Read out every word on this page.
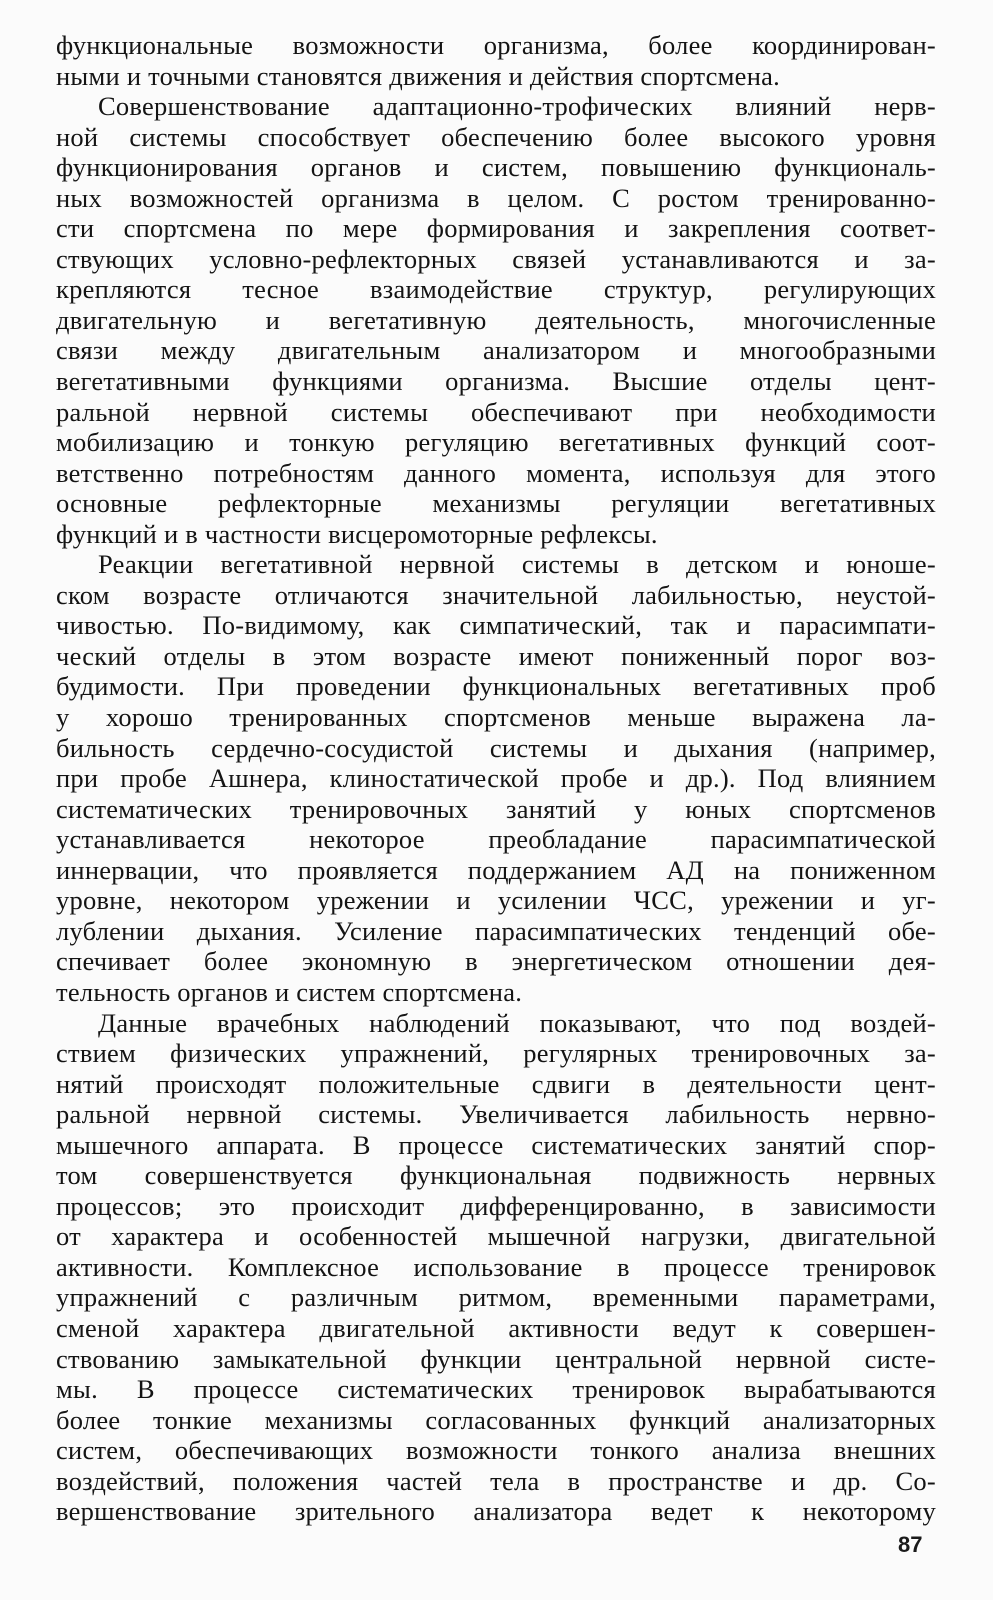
функциональные возможности организма, более координирован-
ными и точными становятся движения и действия спортсмена.
Совершенствование адаптационно-трофических влияний нерв-
ной системы способствует обеспечению более высокого уровня
функционирования органов и систем, повышению функциональ-
ных возможностей организма в целом. С ростом тренированно-
сти спортсмена по мере формирования и закрепления соответ-
ствующих условно-рефлекторных связей устанавливаются и за-
крепляются тесное взаимодействие структур, регулирующих
двигательную и вегетативную деятельность, многочисленные
связи между двигательным анализатором и многообразными
вегетативными функциями организма. Высшие отделы цент-
ральной нервной системы обеспечивают при необходимости
мобилизацию и тонкую регуляцию вегетативных функций соот-
ветственно потребностям данного момента, используя для этого
основные рефлекторные механизмы регуляции вегетативных
функций и в частности висцеромоторные рефлексы.
Реакции вегетативной нервной системы в детском и юноше-
ском возрасте отличаются значительной лабильностью, неустой-
чивостью. По-видимому, как симпатический, так и парасимпати-
ческий отделы в этом возрасте имеют пониженный порог воз-
будимости. При проведении функциональных вегетативных проб
у хорошо тренированных спортсменов меньше выражена ла-
бильность сердечно-сосудистой системы и дыхания (например,
при пробе Ашнера, клиностатической пробе и др.). Под влиянием
систематических тренировочных занятий у юных спортсменов
устанавливается некоторое преобладание парасимпатической
иннервации, что проявляется поддержанием АД на пониженном
уровне, некотором урежении и усилении ЧСС, урежении и уг-
лублении дыхания. Усиление парасимпатических тенденций обе-
спечивает более экономную в энергетическом отношении дея-
тельность органов и систем спортсмена.
Данные врачебных наблюдений показывают, что под воздей-
ствием физических упражнений, регулярных тренировочных за-
нятий происходят положительные сдвиги в деятельности цент-
ральной нервной системы. Увеличивается лабильность нервно-
мышечного аппарата. В процессе систематических занятий спор-
том совершенствуется функциональная подвижность нервных
процессов; это происходит дифференцированно, в зависимости
от характера и особенностей мышечной нагрузки, двигательной
активности. Комплексное использование в процессе тренировок
упражнений с различным ритмом, временными параметрами,
сменой характера двигательной активности ведут к совершен-
ствованию замыкательной функции центральной нервной систе-
мы. В процессе систематических тренировок вырабатываются
более тонкие механизмы согласованных функций анализаторных
систем, обеспечивающих возможности тонкого анализа внешних
воздействий, положения частей тела в пространстве и др. Со-
вершенствование зрительного анализатора ведет к некоторому
87
